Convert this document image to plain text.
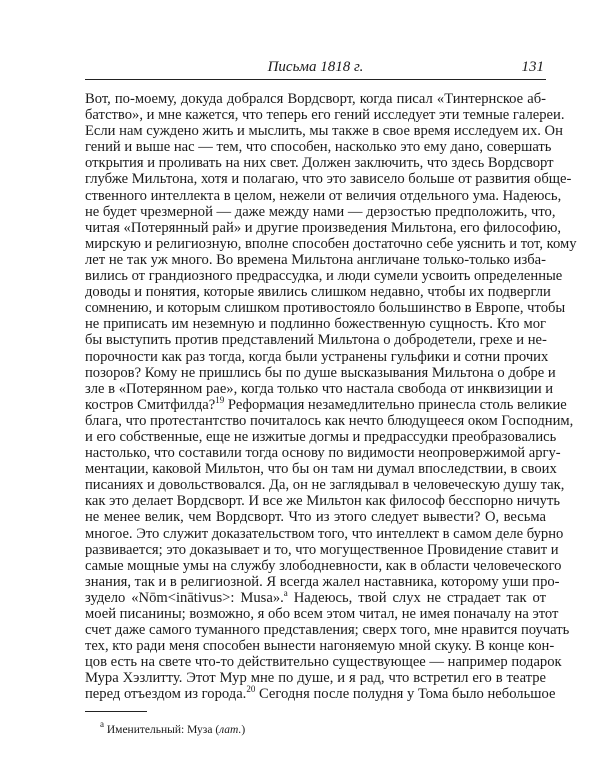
Письма 1818 г.	131
Вот, по-моему, докуда добрался Вордсворт, когда писал «Тинтернское аб-
батство», и мне кажется, что теперь его гений исследует эти темные галереи.
Если нам суждено жить и мыслить, мы также в свое время исследуем их. Он
гений и выше нас — тем, что способен, насколько это ему дано, совершать
открытия и проливать на них свет. Должен заключить, что здесь Вордсворт
глубже Мильтона, хотя и полагаю, что это зависело больше от развития обще-
ственного интеллекта в целом, нежели от величия отдельного ума. Надеюсь,
не будет чрезмерной — даже между нами — дерзостью предположить, что,
читая «Потерянный рай» и другие произведения Мильтона, его философию,
мирскую и религиозную, вполне способен достаточно себе уяснить и тот, кому
лет не так уж много. Во времена Мильтона англичане только-только изба-
вились от грандиозного предрассудка, и люди сумели усвоить определенные
доводы и понятия, которые явились слишком недавно, чтобы их подвергли
сомнению, и которым слишком противостояло большинство в Европе, чтобы
не приписать им неземную и подлинно божественную сущность. Кто мог
бы выступить против представлений Мильтона о добродетели, грехе и не-
порочности как раз тогда, когда были устранены гульфики и сотни прочих
позоров? Кому не пришлись бы по душе высказывания Мильтона о добре и
зле в «Потерянном рае», когда только что настала свобода от инквизиции и
костров Смитфилда?$^{19}$ Реформация незамедлительно принесла столь великие
блага, что протестантство почиталось как нечто блюдущееся оком Господним,
и его собственные, еще не изжитые догмы и предрассудки преобразовались
настолько, что составили тогда основу по видимости неопровержимой аргу-
ментации, каковой Мильтон, что бы он там ни думал впоследствии, в своих
писаниях и довольствовался. Да, он не заглядывал в человеческую душу так,
как это делает Вордсворт. И все же Мильтон как философ бесспорно ничуть
не менее велик, чем Вордсворт. Что из этого следует вывести? О, весьма
многое. Это служит доказательством того, что интеллект в самом деле бурно
развивается; это доказывает и то, что могущественное Провидение ставит и
самые мощные умы на службу злободневности, как в области человеческого
знания, так и в религиозной. Я всегда жалел наставника, которому уши про-
зудело «Nōm<inātivus>: Musa».$^а$ Надеюсь, твой слух не страдает так от
моей писанины; возможно, я обо всем этом читал, не имея поначалу на этот
счет даже самого туманного представления; сверх того, мне нравится поучать
тех, кто ради меня способен вынести нагоняемую мной скуку. В конце кон-
цов есть на свете что-то действительно существующее — например подарок
Мура Хэзлитту. Этот Мур мне по душе, и я рад, что встретил его в театре
перед отъездом из города.$^{20}$ Сегодня после полудня у Тома было небольшое
$^а$ Именительный: Муза (лат.)
